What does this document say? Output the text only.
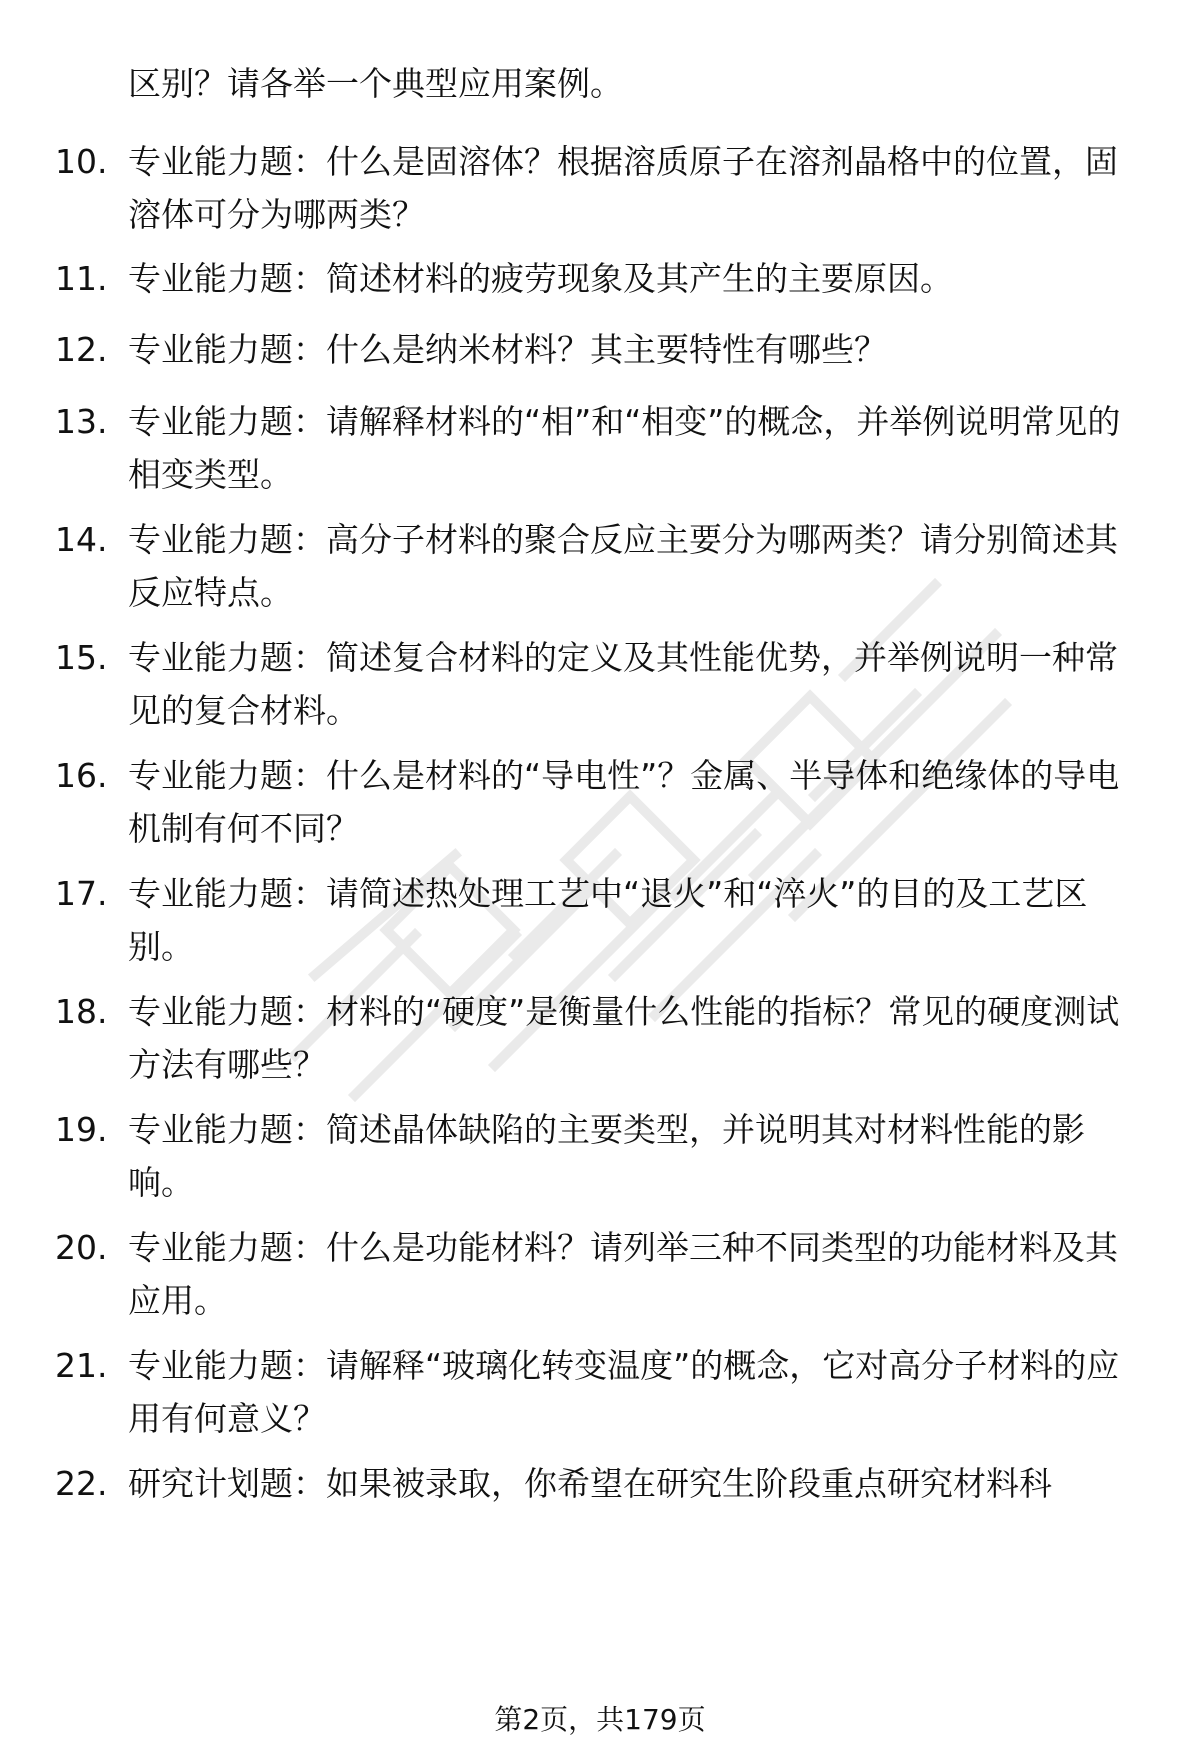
区别？请各举一个典型应用案例。
10. 专业能力题：什么是固溶体？根据溶质原子在溶剂晶格中的位置，固溶体可分为哪两类？
11. 专业能力题：简述材料的疲劳现象及其产生的主要原因。
12. 专业能力题：什么是纳米材料？其主要特性有哪些？
13. 专业能力题：请解释材料的“相”和“相变”的概念，并举例说明常见的相变类型。
14. 专业能力题：高分子材料的聚合反应主要分为哪两类？请分别简述其反应特点。
15. 专业能力题：简述复合材料的定义及其性能优势，并举例说明一种常见的复合材料。
16. 专业能力题：什么是材料的“导电性”？金属、半导体和绝缘体的导电机制有何不同？
17. 专业能力题：请简述热处理工艺中“退火”和“淬火”的目的及工艺区别。
18. 专业能力题：材料的“硬度”是衡量什么性能的指标？常见的硬度测试方法有哪些？
19. 专业能力题：简述晶体缺陷的主要类型，并说明其对材料性能的影响。
20. 专业能力题：什么是功能材料？请列举三种不同类型的功能材料及其应用。
21. 专业能力题：请解释“玻璃化转变温度”的概念，它对高分子材料的应用有何意义？
22. 研究计划题：如果被录取，你希望在研究生阶段重点研究材料科
第2页，共179页
